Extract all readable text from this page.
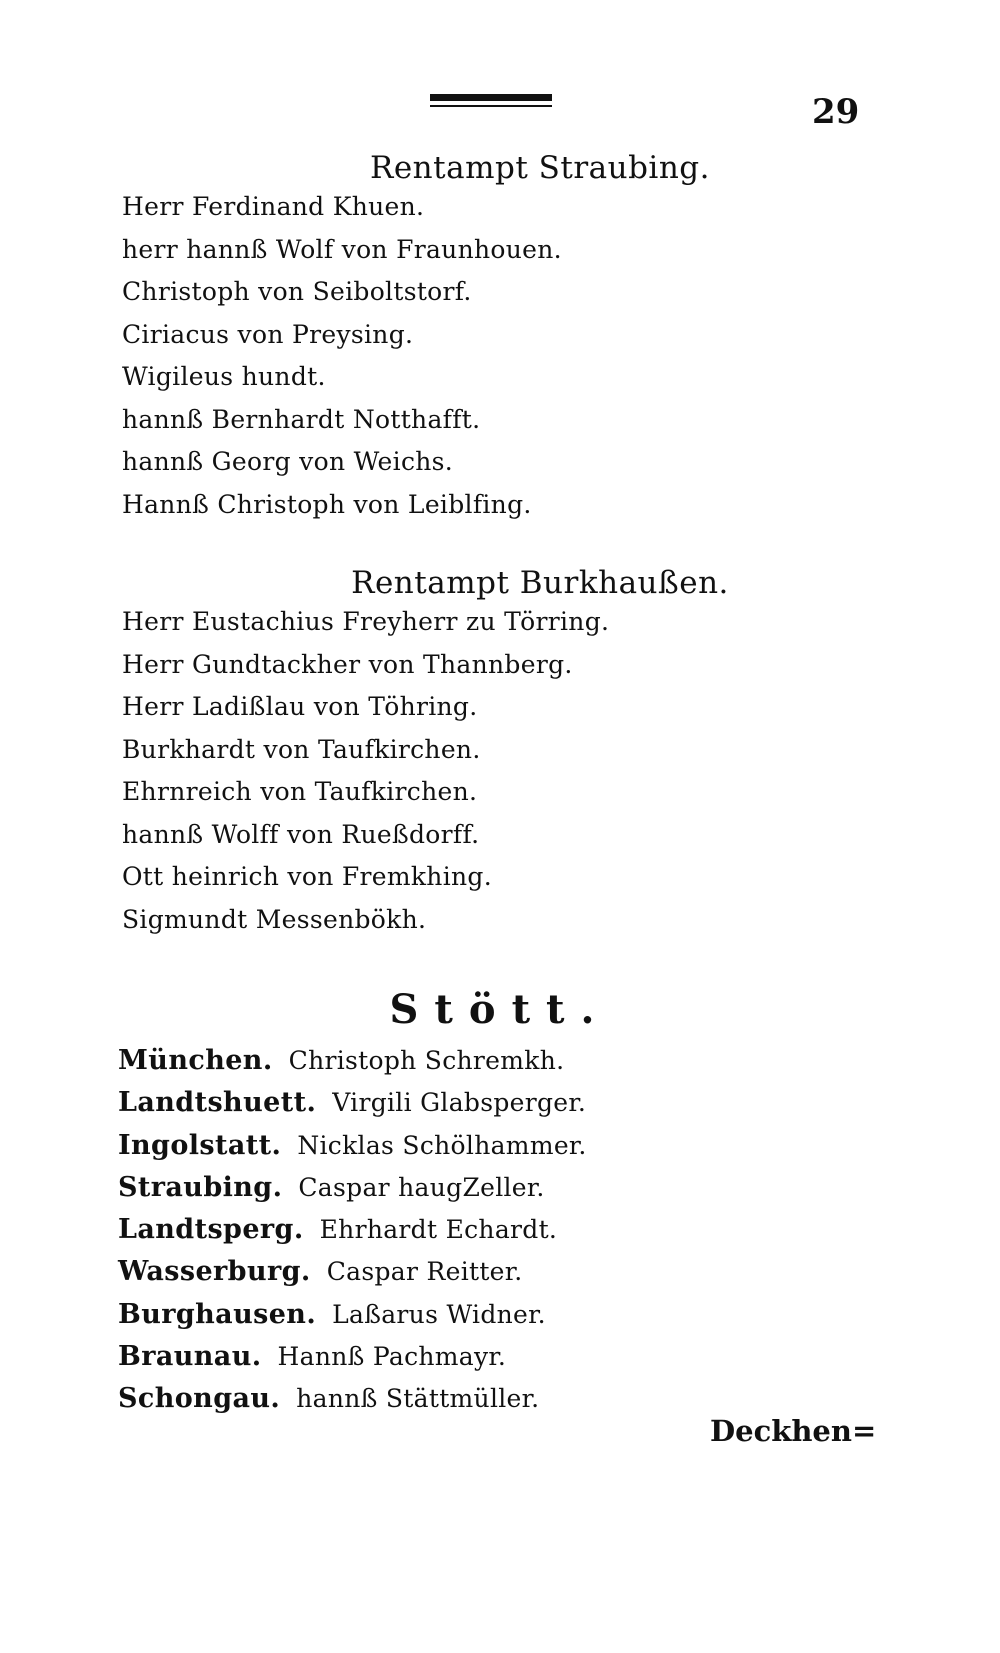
29
Rentampt Straubing.
Herr Ferdinand Khuen.
herr hannß Wolf von Fraunhouen.
Christoph von Seiboltstorf.
Ciriacus von Preysing.
Wigileus hundt.
hannß Bernhardt Notthafft.
hannß Georg von Weichs.
Hannß Christoph von Leiblfing.
Rentampt Burkhaußen.
Herr Eustachius Freyherr zu Törring.
Herr Gundtackher von Thannberg.
Herr Ladißlau von Töhring.
Burkhardt von Taufkirchen.
Ehrnreich von Taufkirchen.
hannß Wolff von Rueßdorff.
Ott heinrich von Fremkhing.
Sigmundt Messenbökh.
Stött.
München. Christoph Schremkh.
Landtshuett. Virgili Glabsperger.
Ingolstatt. Nicklas Schölhammer.
Straubing. Caspar haugZeller.
Landtsperg. Ehrhardt Echardt.
Wasserburg. Caspar Reitter.
Burghausen. Laßarus Widner.
Braunau. Hannß Pachmayr.
Schongau. hannß Stättmüller.
Deckhen=
